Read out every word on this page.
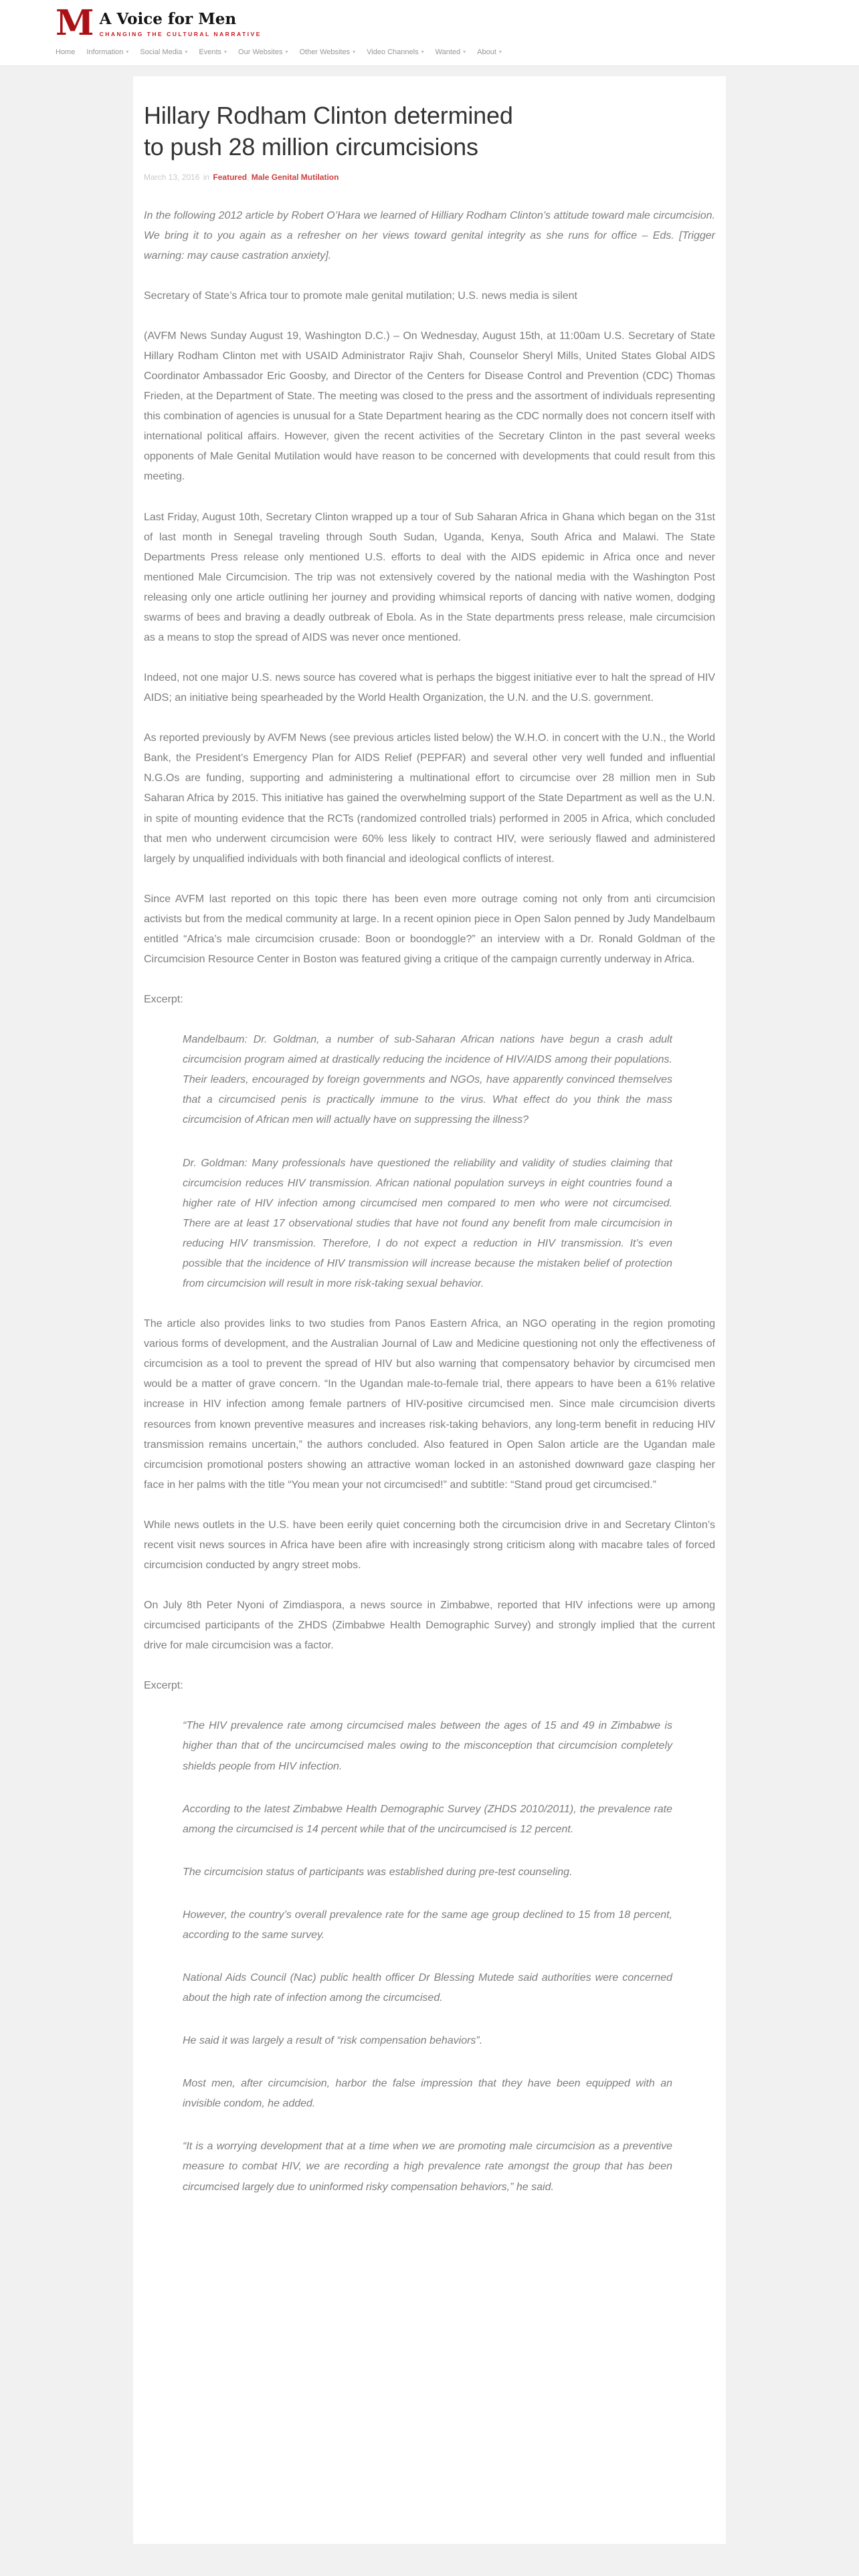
M A Voice for Men
CHANGING THE CULTURAL NARRATIVE
Home Information ▾ Social Media ▾ Events ▾ Our Websites ▾ Other Websites ▾ Video Channels ▾ Wanted ▾ About ▾
Hillary Rodham Clinton determined to push 28 million circumcisions
March 13, 2016 in Featured, Male Genital Mutilation

In the following 2012 article by Robert O’Hara we learned of Hilliary Rodham Clinton’s attitude toward male circumcision. We bring it to you again as a refresher on her views toward genital integrity as she runs for office – Eds. [Trigger warning: may cause castration anxiety].

Secretary of State’s Africa tour to promote male genital mutilation; U.S. news media is silent

(AVFM News Sunday August 19, Washington D.C.) – On Wednesday, August 15th, at 11:00am U.S. Secretary of State Hillary Rodham Clinton met with USAID Administrator Rajiv Shah, Counselor Sheryl Mills, United States Global AIDS Coordinator Ambassador Eric Goosby, and Director of the Centers for Disease Control and Prevention (CDC) Thomas Frieden, at the Department of State. The meeting was closed to the press and the assortment of individuals representing this combination of agencies is unusual for a State Department hearing as the CDC normally does not concern itself with international political affairs. However, given the recent activities of the Secretary Clinton in the past several weeks opponents of Male Genital Mutilation would have reason to be concerned with developments that could result from this meeting.

Last Friday, August 10th, Secretary Clinton wrapped up a tour of Sub Saharan Africa in Ghana which began on the 31st of last month in Senegal traveling through South Sudan, Uganda, Kenya, South Africa and Malawi. The State Departments Press release only mentioned U.S. efforts to deal with the AIDS epidemic in Africa once and never mentioned Male Circumcision. The trip was not extensively covered by the national media with the Washington Post releasing only one article outlining her journey and providing whimsical reports of dancing with native women, dodging swarms of bees and braving a deadly outbreak of Ebola. As in the State departments press release, male circumcision as a means to stop the spread of AIDS was never once mentioned.

Indeed, not one major U.S. news source has covered what is perhaps the biggest initiative ever to halt the spread of HIV AIDS; an initiative being spearheaded by the World Health Organization, the U.N. and the U.S. government.

As reported previously by AVFM News (see previous articles listed below) the W.H.O. in concert with the U.N., the World Bank, the President’s Emergency Plan for AIDS Relief (PEPFAR) and several other very well funded and influential N.G.Os are funding, supporting and administering a multinational effort to circumcise over 28 million men in Sub Saharan Africa by 2015. This initiative has gained the overwhelming support of the State Department as well as the U.N. in spite of mounting evidence that the RCTs (randomized controlled trials) performed in 2005 in Africa, which concluded that men who underwent circumcision were 60% less likely to contract HIV, were seriously flawed and administered largely by unqualified individuals with both financial and ideological conflicts of interest.

Since AVFM last reported on this topic there has been even more outrage coming not only from anti circumcision activists but from the medical community at large. In a recent opinion piece in Open Salon penned by Judy Mandelbaum entitled “Africa’s male circumcision crusade: Boon or boondoggle?” an interview with a Dr. Ronald Goldman of the Circumcision Resource Center in Boston was featured giving a critique of the campaign currently underway in Africa.

Excerpt:

Mandelbaum: Dr. Goldman, a number of sub-Saharan African nations have begun a crash adult circumcision program aimed at drastically reducing the incidence of HIV/AIDS among their populations. Their leaders, encouraged by foreign governments and NGOs, have apparently convinced themselves that a circumcised penis is practically immune to the virus. What effect do you think the mass circumcision of African men will actually have on suppressing the illness?

Dr. Goldman: Many professionals have questioned the reliability and validity of studies claiming that circumcision reduces HIV transmission. African national population surveys in eight countries found a higher rate of HIV infection among circumcised men compared to men who were not circumcised. There are at least 17 observational studies that have not found any benefit from male circumcision in reducing HIV transmission. Therefore, I do not expect a reduction in HIV transmission. It’s even possible that the incidence of HIV transmission will increase because the mistaken belief of protection from circumcision will result in more risk-taking sexual behavior.

The article also provides links to two studies from Panos Eastern Africa, an NGO operating in the region promoting various forms of development, and the Australian Journal of Law and Medicine questioning not only the effectiveness of circumcision as a tool to prevent the spread of HIV but also warning that compensatory behavior by circumcised men would be a matter of grave concern. “In the Ugandan male-to-female trial, there appears to have been a 61% relative increase in HIV infection among female partners of HIV-positive circumcised men. Since male circumcision diverts resources from known preventive measures and increases risk-taking behaviors, any long-term benefit in reducing HIV transmission remains uncertain,” the authors concluded. Also featured in Open Salon article are the Ugandan male circumcision promotional posters showing an attractive woman locked in an astonished downward gaze clasping her face in her palms with the title “You mean your not circumcised!” and subtitle: “Stand proud get circumcised.”

While news outlets in the U.S. have been eerily quiet concerning both the circumcision drive in and Secretary Clinton’s recent visit news sources in Africa have been afire with increasingly strong criticism along with macabre tales of forced circumcision conducted by angry street mobs.

On July 8th Peter Nyoni of Zimdiaspora, a news source in Zimbabwe, reported that HIV infections were up among circumcised participants of the ZHDS (Zimbabwe Health Demographic Survey) and strongly implied that the current drive for male circumcision was a factor.

Excerpt:

“The HIV prevalence rate among circumcised males between the ages of 15 and 49 in Zimbabwe is higher than that of the uncircumcised males owing to the misconception that circumcision completely shields people from HIV infection.

According to the latest Zimbabwe Health Demographic Survey (ZHDS 2010/2011), the prevalence rate among the circumcised is 14 percent while that of the uncircumcised is 12 percent.

The circumcision status of participants was established during pre-test counseling.

However, the country’s overall prevalence rate for the same age group declined to 15 from 18 percent, according to the same survey.

National Aids Council (Nac) public health officer Dr Blessing Mutede said authorities were concerned about the high rate of infection among the circumcised.

He said it was largely a result of “risk compensation behaviors”.

Most men, after circumcision, harbor the false impression that they have been equipped with an invisible condom, he added.

“It is a worrying development that at a time when we are promoting male circumcision as a preventive measure to combat HIV, we are recording a high prevalence rate amongst the group that has been circumcised largely due to uninformed risky compensation behaviors,” he said.
